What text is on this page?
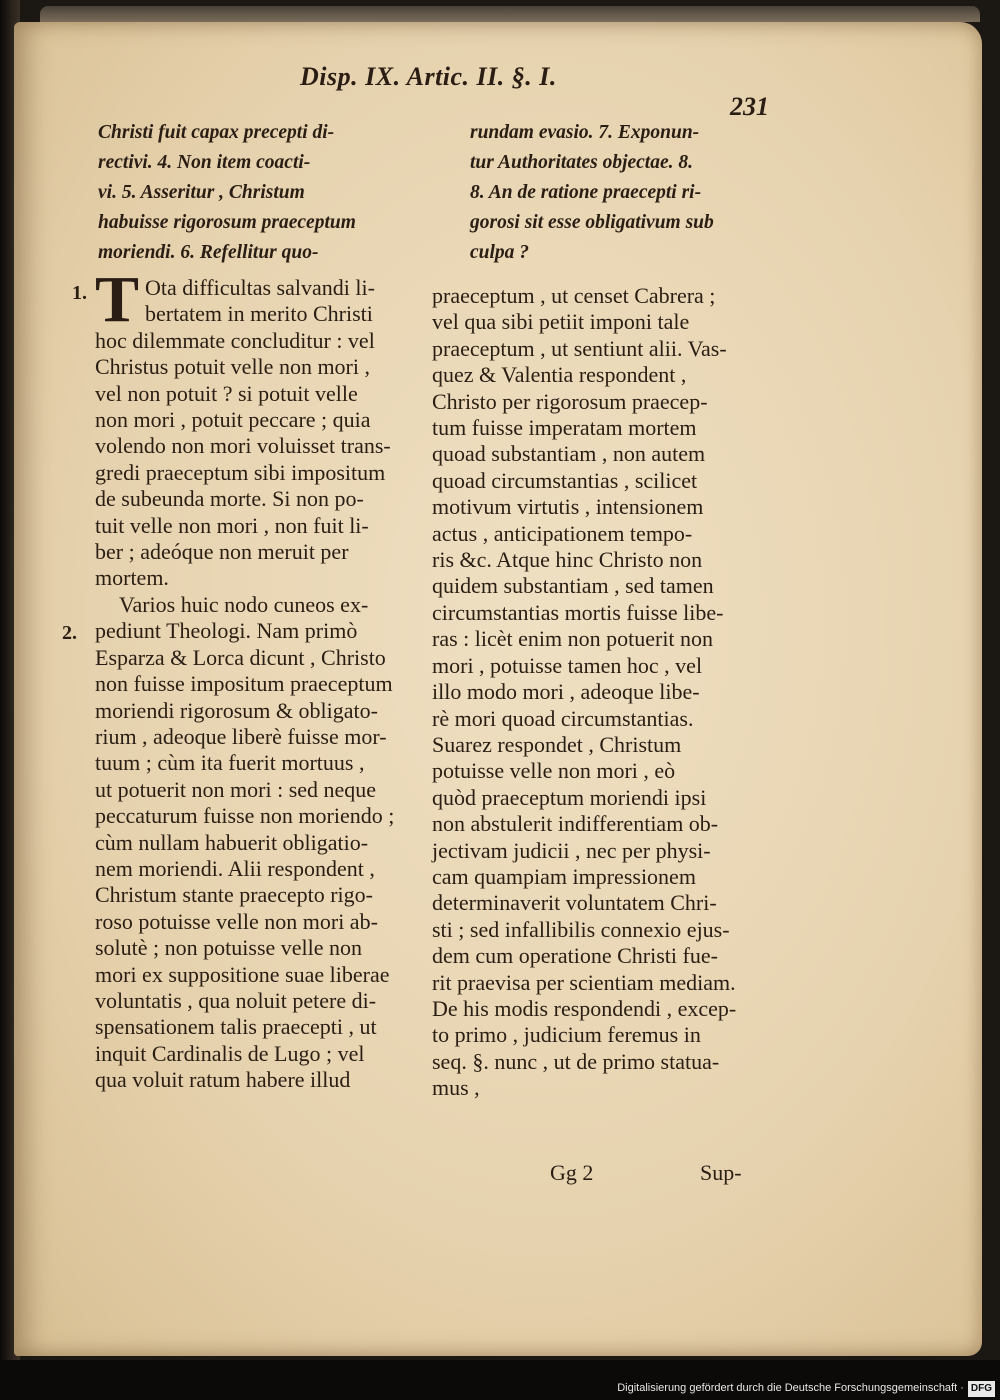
Disp. IX. Artic. II. §. I.
231
Christi fuit capax precepti di-
rectivi. 4. Non item coacti-
vi. 5. Asseritur , Christum
habuisse rigorosum praeceptum
moriendi. 6. Refellitur quo-
rundam evasio. 7. Exponun-
tur Authoritates objectae. 8.
8. An de ratione praecepti ri-
gorosi sit esse obligativum sub
culpa ?
1.
2.
T Ota difficultas salvandi li-
bertatem in merito Christi
hoc dilemmate concluditur : vel
Christus potuit velle non mori ,
vel non potuit ? si potuit velle
non mori , potuit peccare ; quia
volendo non mori voluisset trans-
gredi praeceptum sibi impositum
de subeunda morte. Si non po-
tuit velle non mori , non fuit li-
ber ; adeóque non meruit per
mortem.
Varios huic nodo cuneos ex-
pediunt Theologi. Nam primò
Esparza & Lorca dicunt , Christo
non fuisse impositum praeceptum
moriendi rigorosum & obligato-
rium , adeoque liberè fuisse mor-
tuum ; cùm ita fuerit mortuus ,
ut potuerit non mori : sed neque
peccaturum fuisse non moriendo ;
cùm nullam habuerit obligatio-
nem moriendi. Alii respondent ,
Christum stante praecepto rigo-
roso potuisse velle non mori ab-
solutè ; non potuisse velle non
mori ex suppositione suae liberae
voluntatis , qua noluit petere di-
spensationem talis praecepti , ut
inquit Cardinalis de Lugo ; vel
qua voluit ratum habere illud
praeceptum , ut censet Cabrera ;
vel qua sibi petiit imponi tale
praeceptum , ut sentiunt alii. Vas-
quez & Valentia respondent ,
Christo per rigorosum praecep-
tum fuisse imperatam mortem
quoad substantiam , non autem
quoad circumstantias , scilicet
motivum virtutis , intensionem
actus , anticipationem tempo-
ris &c. Atque hinc Christo non
quidem substantiam , sed tamen
circumstantias mortis fuisse libe-
ras : licèt enim non potuerit non
mori , potuisse tamen hoc , vel
illo modo mori , adeoque libe-
rè mori quoad circumstantias.
Suarez respondet , Christum
potuisse velle non mori , eò
quòd praeceptum moriendi ipsi
non abstulerit indifferentiam ob-
jectivam judicii , nec per physi-
cam quampiam impressionem
determinaverit voluntatem Chri-
sti ; sed infallibilis connexio ejus-
dem cum operatione Christi fue-
rit praevisa per scientiam mediam.
De his modis respondendi , excep-
to primo , judicium feremus in
seq. §. nunc , ut de primo statua-
mus ,
Gg 2	Sup-
Digitalisierung gefördert durch die Deutsche Forschungsgemeinschaft · DFG
